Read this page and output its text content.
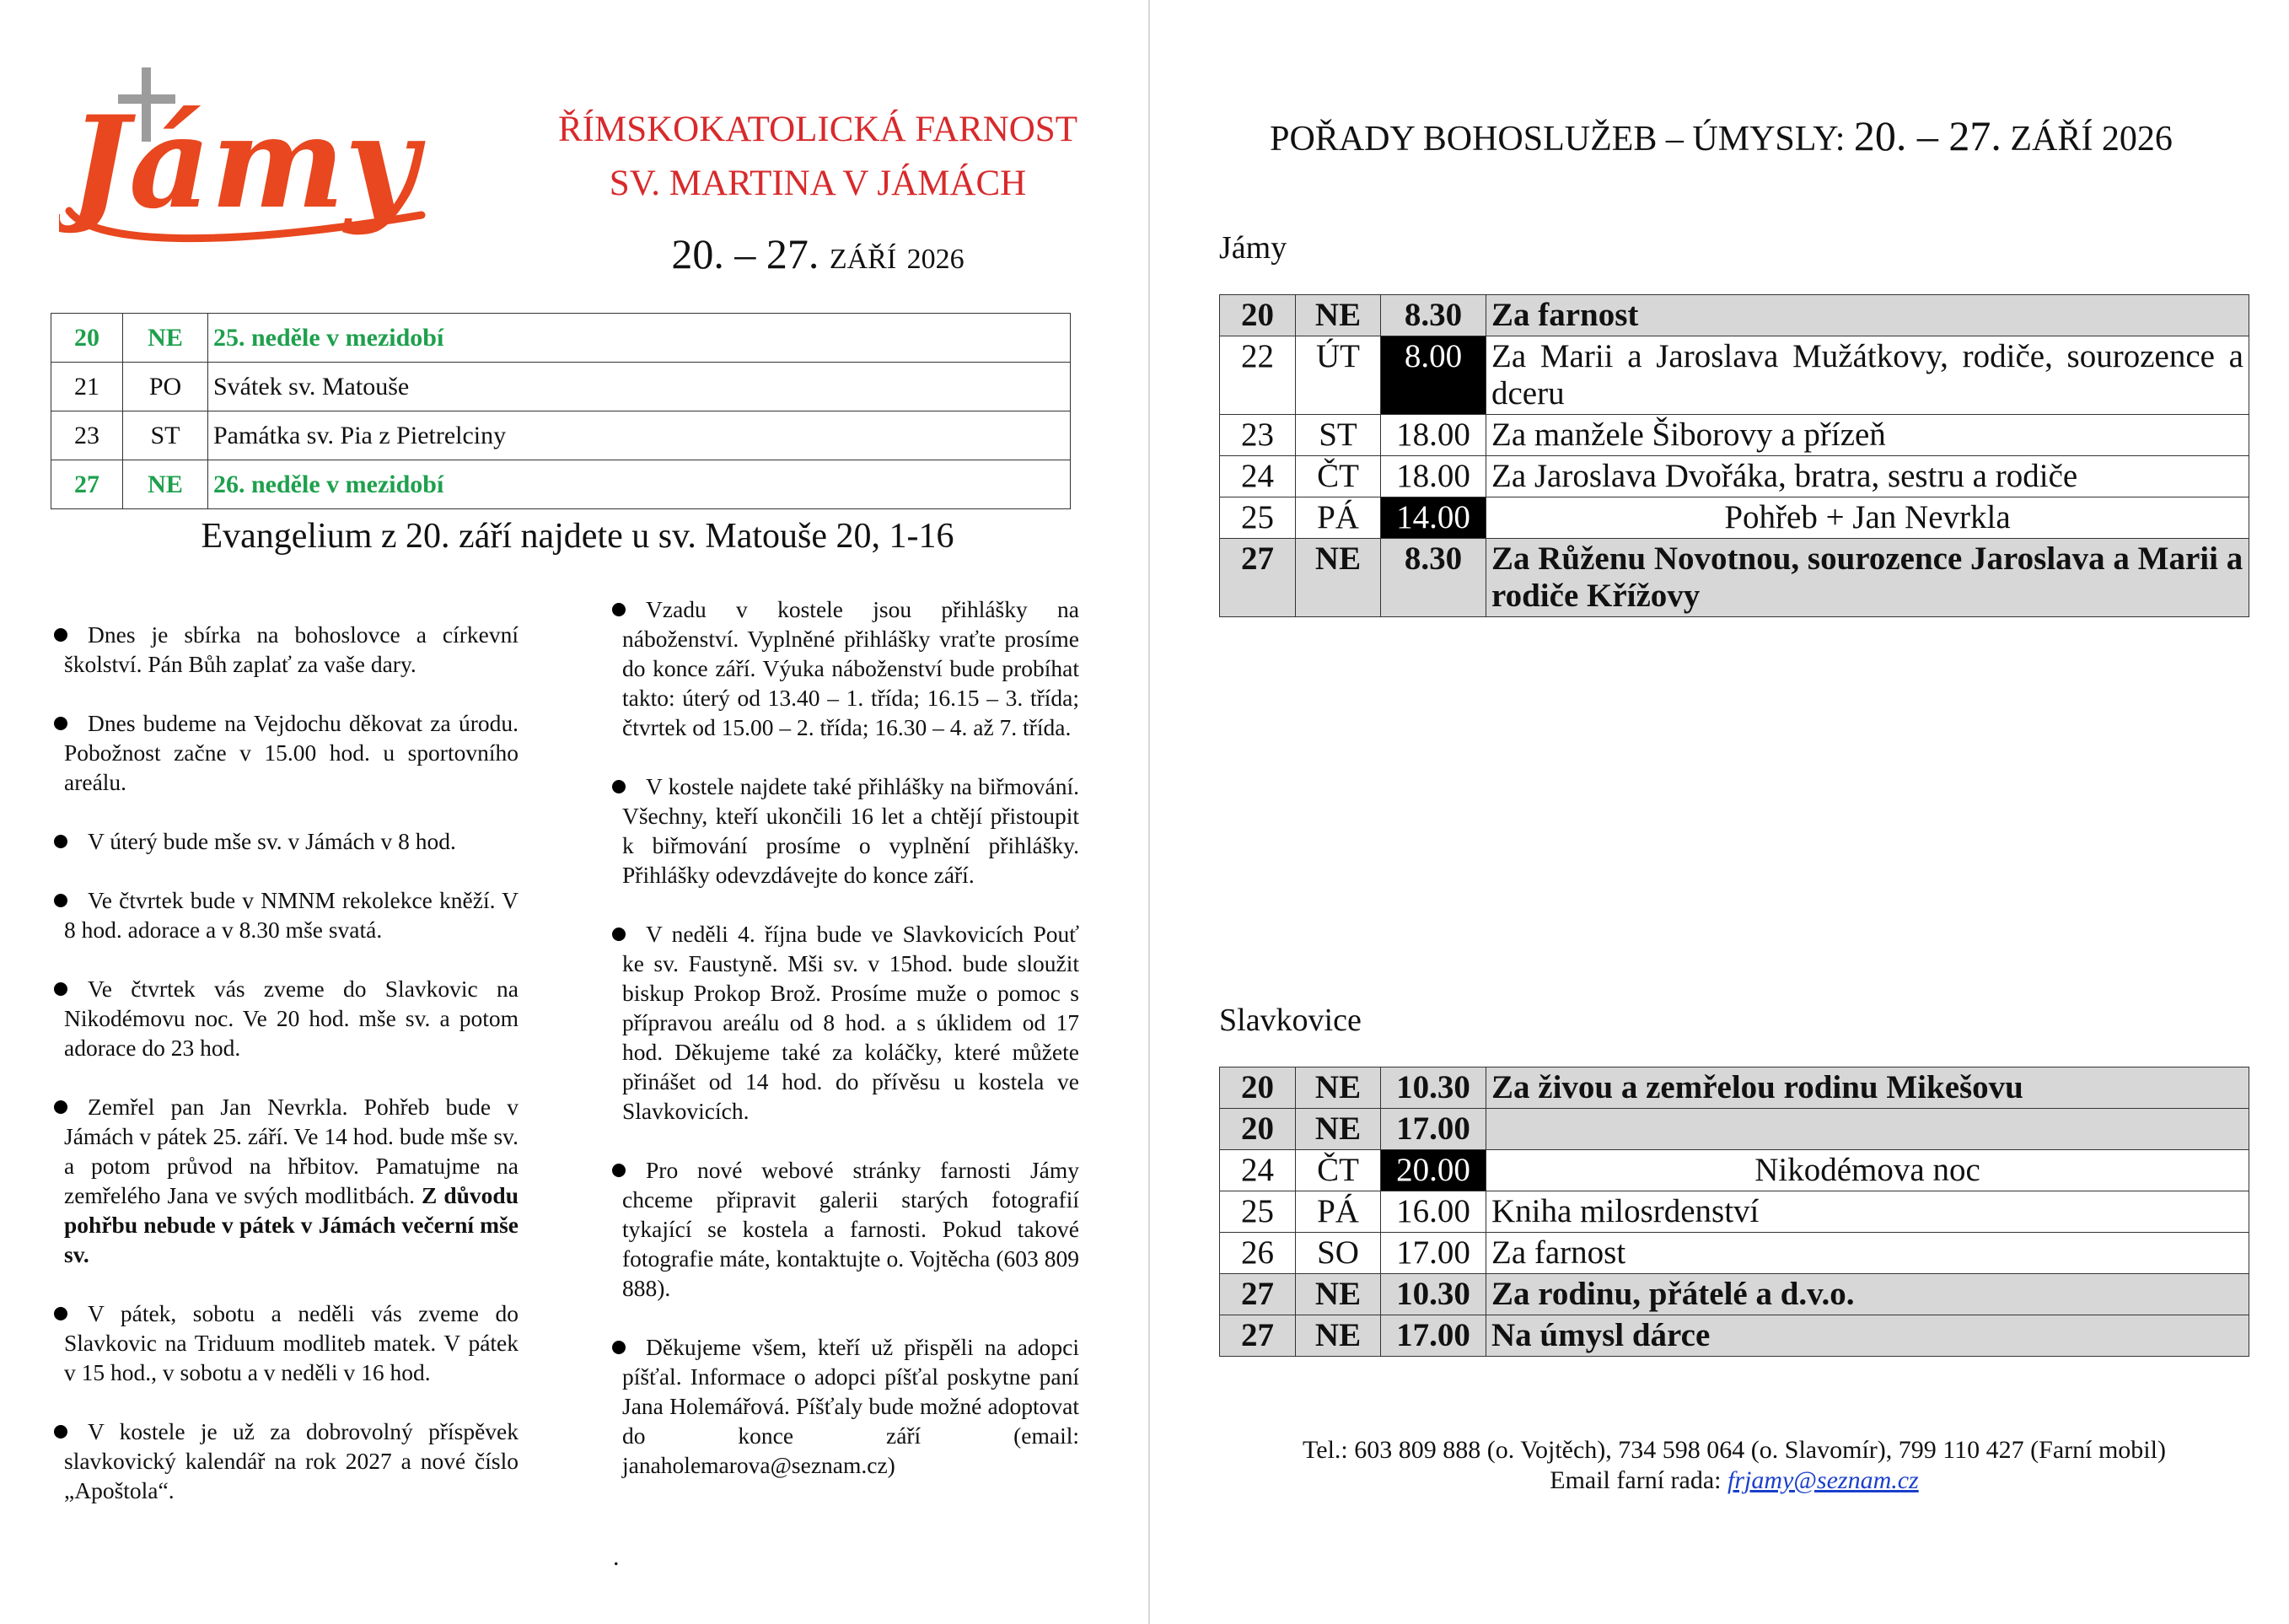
Jámy	ŘÍMSKOKATOLICKÁ FARNOST
SV. MARTINA V JÁMÁCH
20. – 27. ZÁŘÍ 2026
20	NE	25. neděle v mezidobí
21	PO	Svátek sv. Matouše
23	ST	Památka sv. Pia z Pietrelciny
27	NE	26. neděle v mezidobí
Evangelium z 20. září najdete u sv. Matouše 20, 1-16
Dnes je sbírka na bohoslovce a církevní školství. Pán Bůh zaplať za vaše dary.
Dnes budeme na Vejdochu děkovat za úrodu. Pobožnost začne v 15.00 hod. u sportovního areálu.
V úterý bude mše sv. v Jámách v 8 hod.
Ve čtvrtek bude v NMNM rekolekce kněží. V 8 hod. adorace a v 8.30 mše svatá.
Ve čtvrtek vás zveme do Slavkovic na Nikodémovu noc. Ve 20 hod. mše sv. a potom adorace do 23 hod.
Zemřel pan Jan Nevrkla. Pohřeb bude v Jámách v pátek 25. září. Ve 14 hod. bude mše sv. a potom průvod na hřbitov. Pamatujme na zemřelého Jana ve svých modlitbách. Z důvodu pohřbu nebude v pátek v Jámách večerní mše sv.
V pátek, sobotu a neděli vás zveme do Slavkovic na Triduum modliteb matek. V pátek v 15 hod., v sobotu a v neděli v 16 hod.
V kostele je už za dobrovolný příspěvek slavkovický kalendář na rok 2027 a nové číslo „Apoštola“.
Vzadu v kostele jsou přihlášky na náboženství. Vyplněné přihlášky vraťte prosíme do konce září. Výuka náboženství bude probíhat takto: úterý od 13.40 – 1. třída; 16.15 – 3. třída; čtvrtek od 15.00 – 2. třída; 16.30 – 4. až 7. třída.
V kostele najdete také přihlášky na biřmování. Všechny, kteří ukončili 16 let a chtějí přistoupit k biřmování prosíme o vyplnění přihlášky. Přihlášky odevzdávejte do konce září.
V neděli 4. října bude ve Slavkovicích Pouť ke sv. Faustyně. Mši sv. v 15hod. bude sloužit biskup Prokop Brož. Prosíme muže o pomoc s přípravou areálu od 8 hod. a s úklidem od 17 hod. Děkujeme také za koláčky, které můžete přinášet od 14 hod. do přívěsu u kostela ve Slavkovicích.
Pro nové webové stránky farnosti Jámy chceme připravit galerii starých fotografií tykající se kostela a farnosti. Pokud takové fotografie máte, kontaktujte o. Vojtěcha (603 809 888).
Děkujeme všem, kteří už přispěli na adopci píšťal. Informace o adopci píšťal poskytne paní Jana Holemářová. Píšťaly bude možné adoptovat do konce září (email: janaholemarova@seznam.cz)
.
POŘADY BOHOSLUŽEB – ÚMYSLY: 20. – 27. ZÁŘÍ 2026
Jámy
20	NE	8.30	Za farnost
22	ÚT	8.00	Za Marii a Jaroslava Mužátkovy, rodiče, sourozence a dceru
23	ST	18.00	Za manžele Šiborovy a přízeň
24	ČT	18.00	Za Jaroslava Dvořáka, bratra, sestru a rodiče
25	PÁ	14.00	Pohřeb + Jan Nevrkla
27	NE	8.30	Za Růženu Novotnou, sourozence Jaroslava a Marii a rodiče Křížovy
Slavkovice
20	NE	10.30	Za živou a zemřelou rodinu Mikešovu
20	NE	17.00	
24	ČT	20.00	Nikodémova noc
25	PÁ	16.00	Kniha milosrdenství
26	SO	17.00	Za farnost
27	NE	10.30	Za rodinu, přátelé a d.v.o.
27	NE	17.00	Na úmysl dárce
Tel.: 603 809 888 (o. Vojtěch), 734 598 064 (o. Slavomír), 799 110 427 (Farní mobil)
Email farní rada: frjamy@seznam.cz
